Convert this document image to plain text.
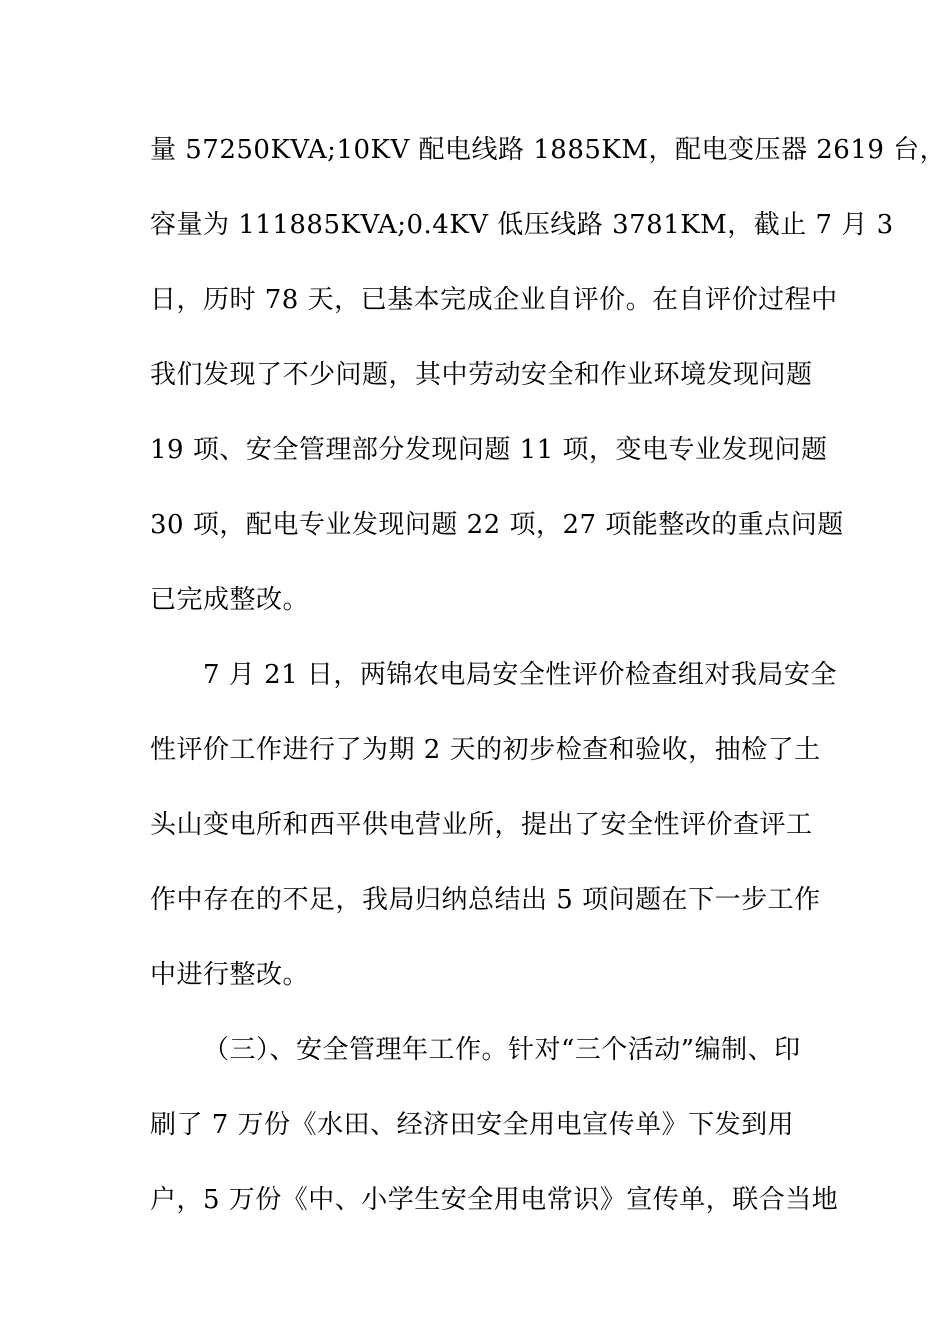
量 57250KVA;10KV 配电线路 1885KM，配电变压器 2619 台，
容量为 111885KVA;0.4KV 低压线路 3781KM，截止 7 月 3
日，历时 78 天，已基本完成企业自评价。在自评价过程中
我们发现了不少问题，其中劳动安全和作业环境发现问题
19 项、安全管理部分发现问题 11 项，变电专业发现问题
30 项，配电专业发现问题 22 项，27 项能整改的重点问题
已完成整改。
7 月 21 日，两锦农电局安全性评价检查组对我局安全
性评价工作进行了为期 2 天的初步检查和验收，抽检了土
头山变电所和西平供电营业所，提出了安全性评价查评工
作中存在的不足，我局归纳总结出 5 项问题在下一步工作
中进行整改。
（三）、安全管理年工作。针对“三个活动”编制、印
刷了 7 万份《水田、经济田安全用电宣传单》下发到用
户，5 万份《中、小学生安全用电常识》宣传单，联合当地
